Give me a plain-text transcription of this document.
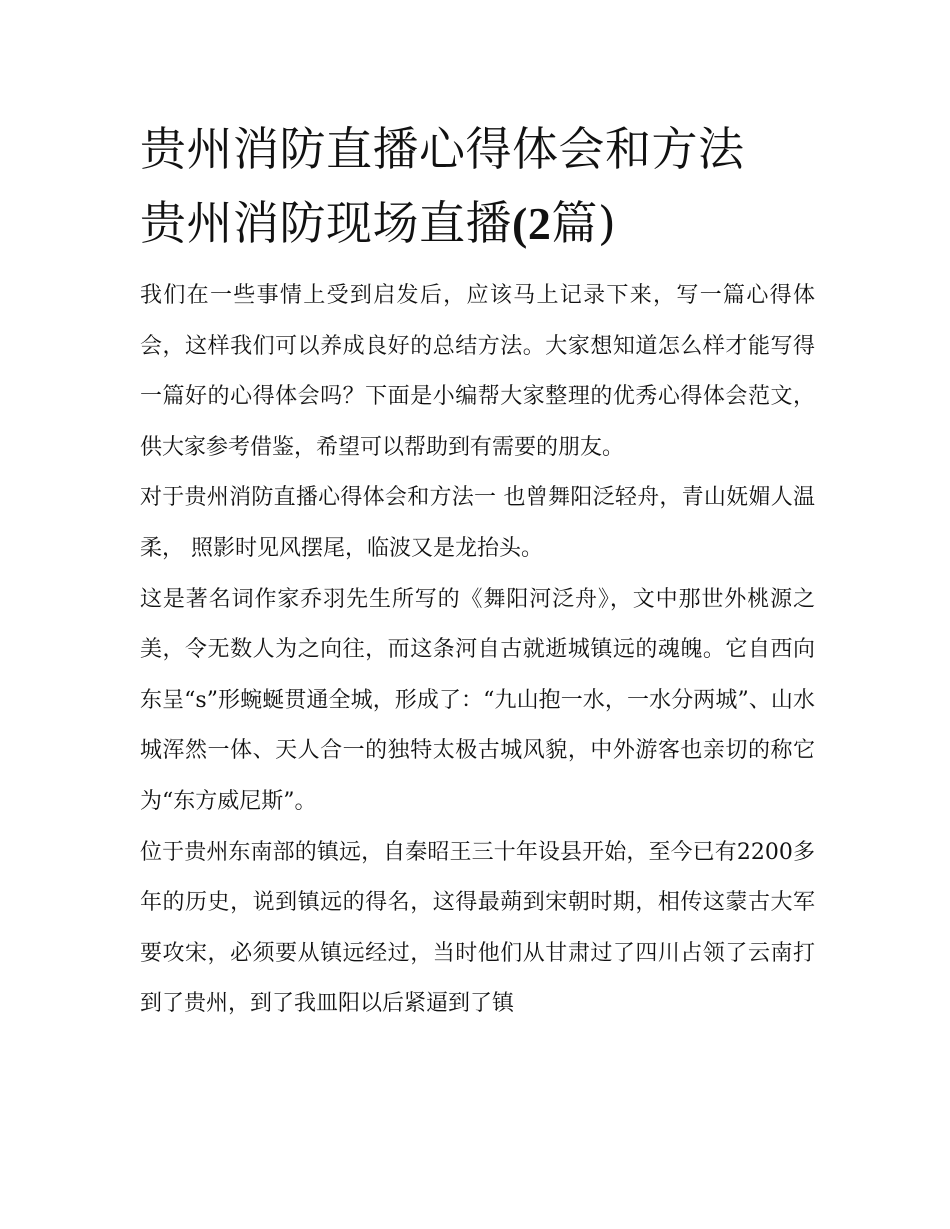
贵州消防直播心得体会和方法
贵州消防现场直播(2篇)

我们在一些事情上受到启发后，应该马上记录下来，写一篇心得体会，这样我们可以养成良好的总结方法。大家想知道怎么样才能写得一篇好的心得体会吗？下面是小编帮大家整理的优秀心得体会范文，供大家参考借鉴，希望可以帮助到有需要的朋友。

对于贵州消防直播心得体会和方法一 也曾舞阳泛轻舟，青山妩媚人温柔， 照影时见风摆尾，临波又是龙抬头。

这是著名词作家乔羽先生所写的《舞阳河泛舟》，文中那世外桃源之美，令无数人为之向往，而这条河自古就逝城镇远的魂魄。它自西向东呈“s”形蜿蜒贯通全城，形成了：“九山抱一水，一水分两城”、山水城浑然一体、天人合一的独特太极古城风貌，中外游客也亲切的称它为“东方威尼斯”。

位于贵州东南部的镇远，自秦昭王三十年设县开始，至今已有2200多年的历史，说到镇远的得名，这得最蒴到宋朝时期，相传这蒙古大军要攻宋，必须要从镇远经过，当时他们从甘肃过了四川占领了云南打到了贵州，到了我皿阳以后紧逼到了镇
